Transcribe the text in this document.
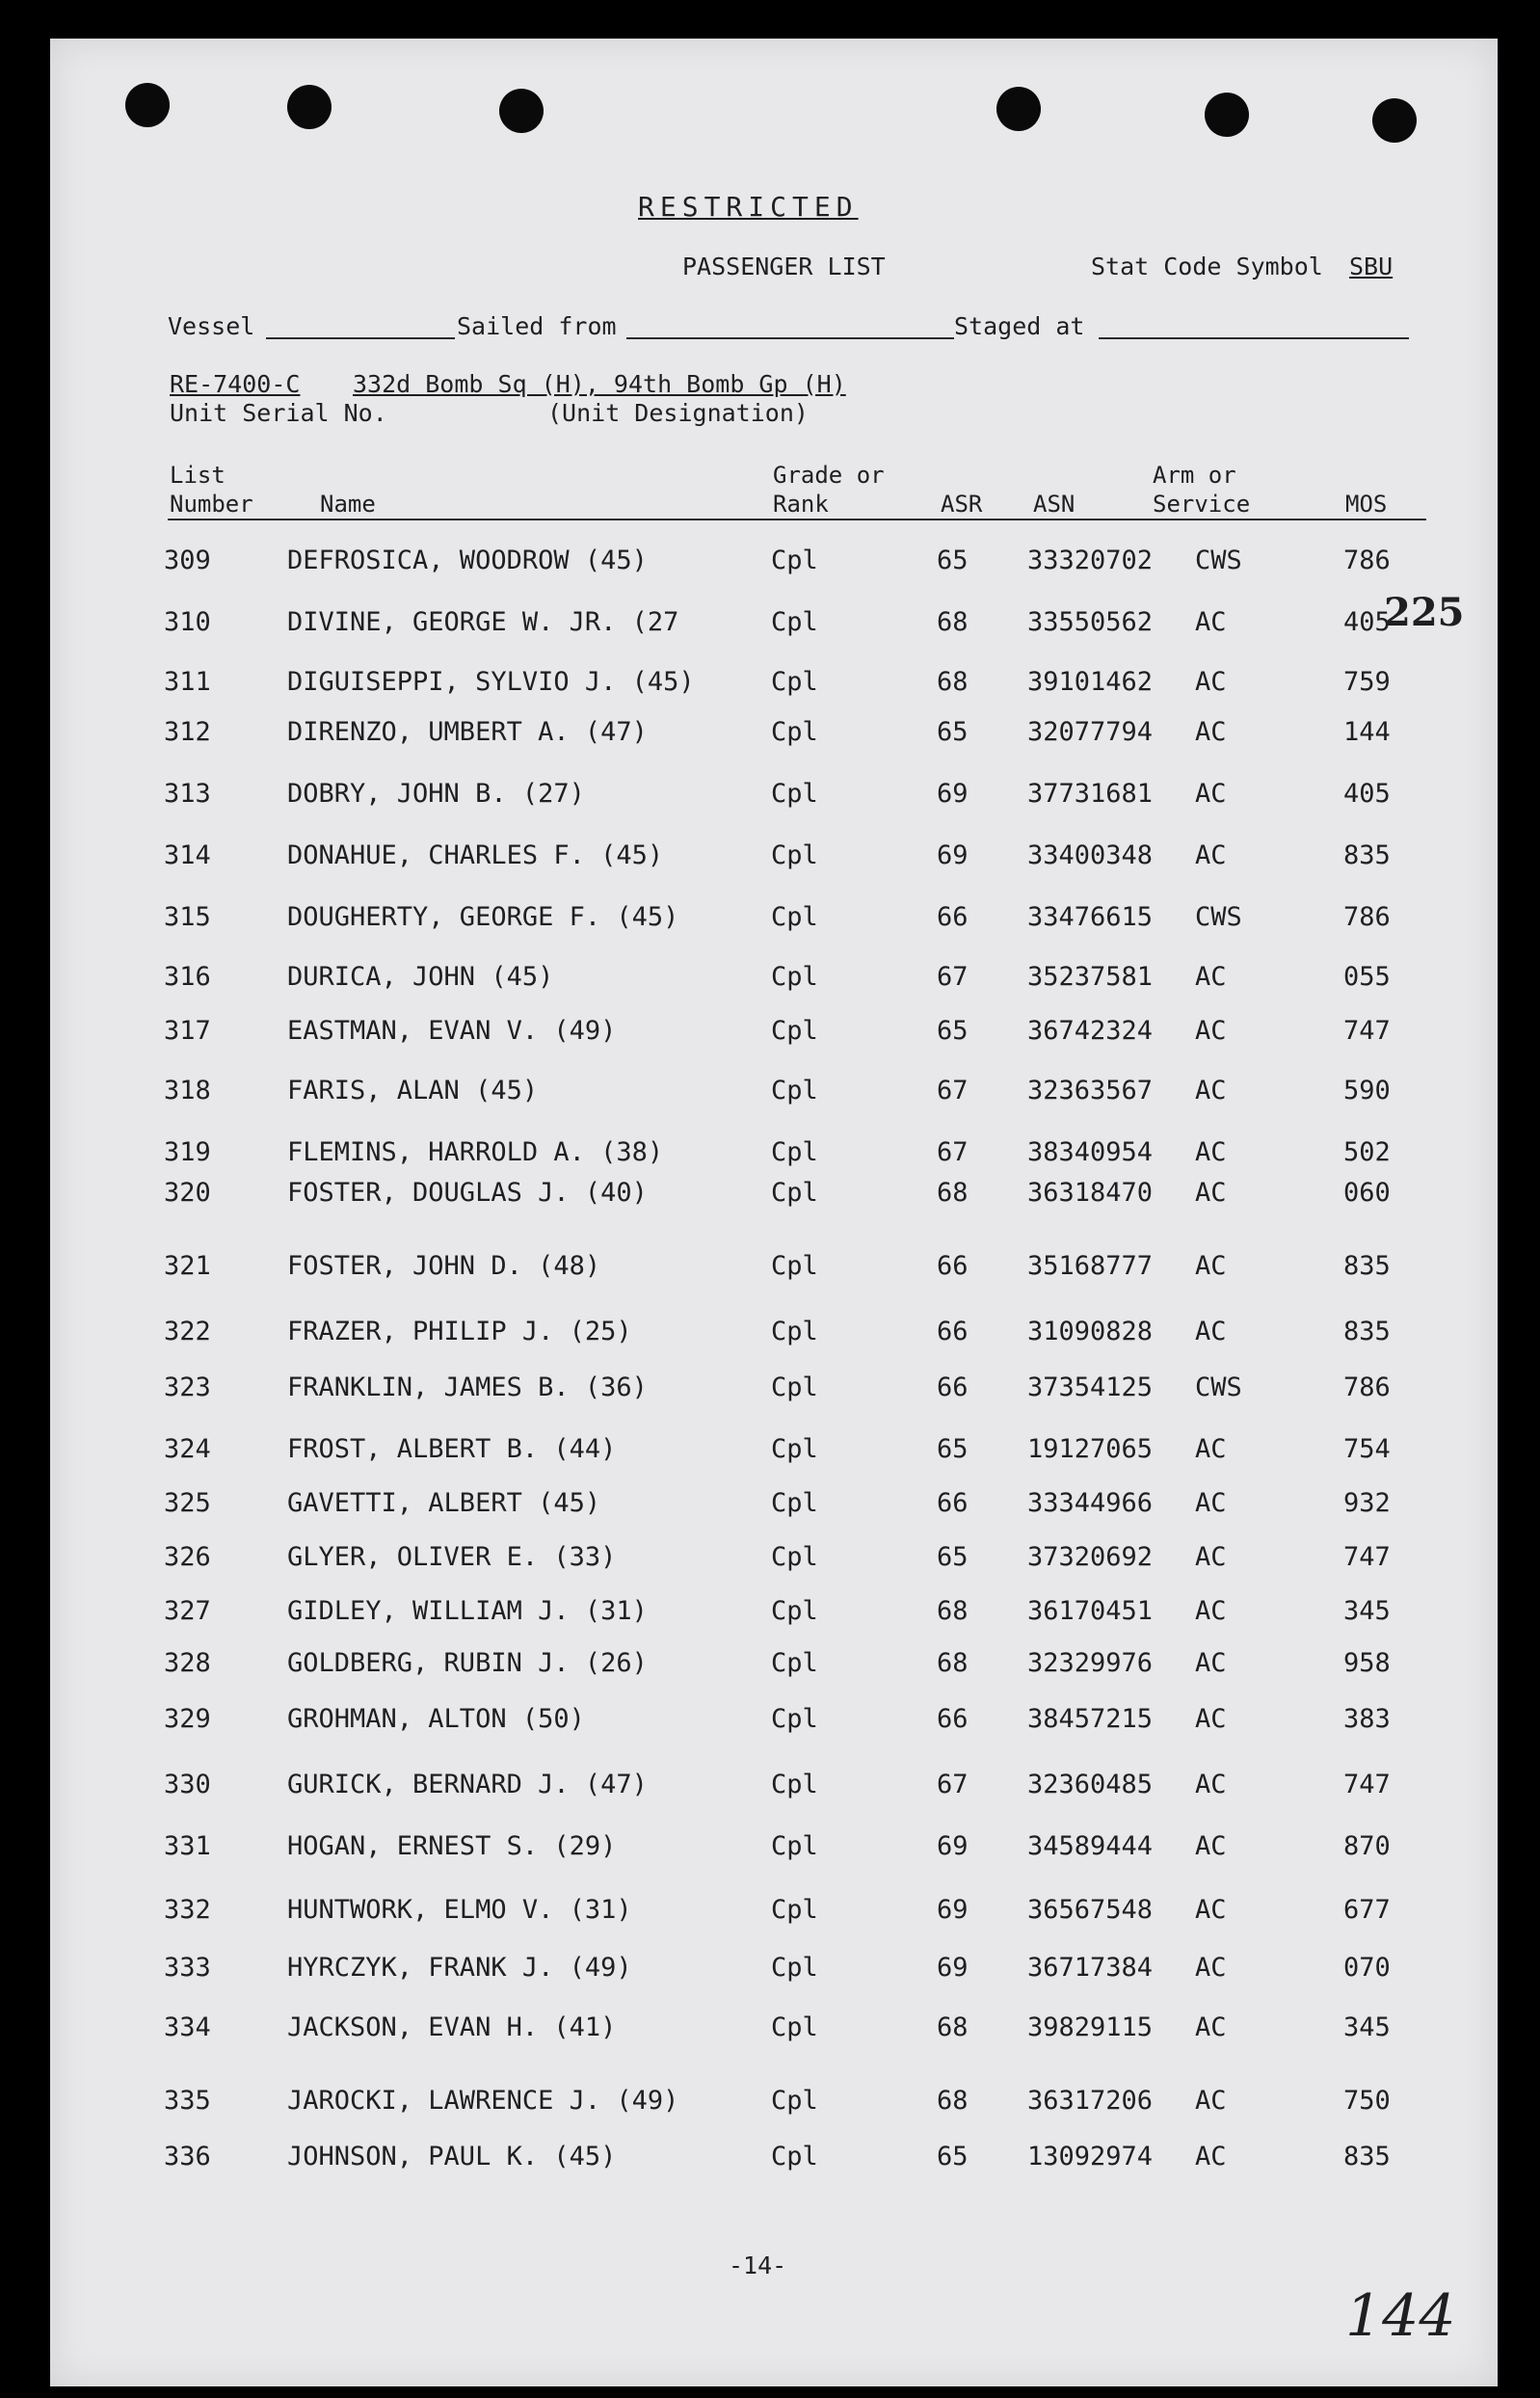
RESTRICTED
PASSENGER LIST	Stat Code Symbol SBU
Vessel	Sailed from	Staged at
RE-7400-C 332d Bomb Sq (H), 94th Bomb Gp (H)
Unit Serial No.	(Unit Designation)
List
Number	Name
Grade or
Rank	ASR ASN
Arm or
Service	MOS
309	DEFROSICA, WOODROW (45)	Cpl	65 33320702 CWS	786
310	DIVINE, GEORGE W. JR. (27	Cpl	68 33550562 AC	405
311	DIGUISEPPI, SYLVIO J. (45)	Cpl	68 39101462 AC	759
312	DIRENZO, UMBERT A. (47)	Cpl	65 32077794 AC	144
313	DOBRY, JOHN B. (27)	Cpl	69 37731681 AC	405
314	DONAHUE, CHARLES F. (45)	Cpl	69 33400348 AC	835
315	DOUGHERTY, GEORGE F. (45)	Cpl	66 33476615 CWS	786
316	DURICA, JOHN (45)	Cpl	67 35237581 AC	055
317	EASTMAN, EVAN V. (49)	Cpl	65 36742324 AC	747
318	FARIS, ALAN (45)	Cpl	67 32363567 AC	590
319	FLEMINS, HARROLD A. (38)	Cpl	67 38340954 AC	502
320	FOSTER, DOUGLAS J. (40)	Cpl	68 36318470 AC	060
321	FOSTER, JOHN D. (48)	Cpl	66 35168777 AC	835
322	FRAZER, PHILIP J. (25)	Cpl	66 31090828 AC	835
323	FRANKLIN, JAMES B. (36)	Cpl	66 37354125 CWS	786
324	FROST, ALBERT B. (44)	Cpl	65 19127065 AC	754
325	GAVETTI, ALBERT (45)	Cpl	66 33344966 AC	932
326	GLYER, OLIVER E. (33)	Cpl	65 37320692 AC	747
327	GIDLEY, WILLIAM J. (31)	Cpl	68 36170451 AC	345
328	GOLDBERG, RUBIN J. (26)	Cpl	68 32329976 AC	958
329	GROHMAN, ALTON (50)	Cpl	66 38457215 AC	383
330	GURICK, BERNARD J. (47)	Cpl	67 32360485 AC	747
331	HOGAN, ERNEST S. (29)	Cpl	69 34589444 AC	870
332	HUNTWORK, ELMO V. (31)	Cpl	69 36567548 AC	677
333	HYRCZYK, FRANK J. (49)	Cpl	69 36717384 AC	070
334	JACKSON, EVAN H. (41)	Cpl	68 39829115 AC	345
335	JAROCKI, LAWRENCE J. (49)	Cpl	68 36317206 AC	750
336	JOHNSON, PAUL K. (45)	Cpl	65 13092974 AC	835
225
-14-
144
